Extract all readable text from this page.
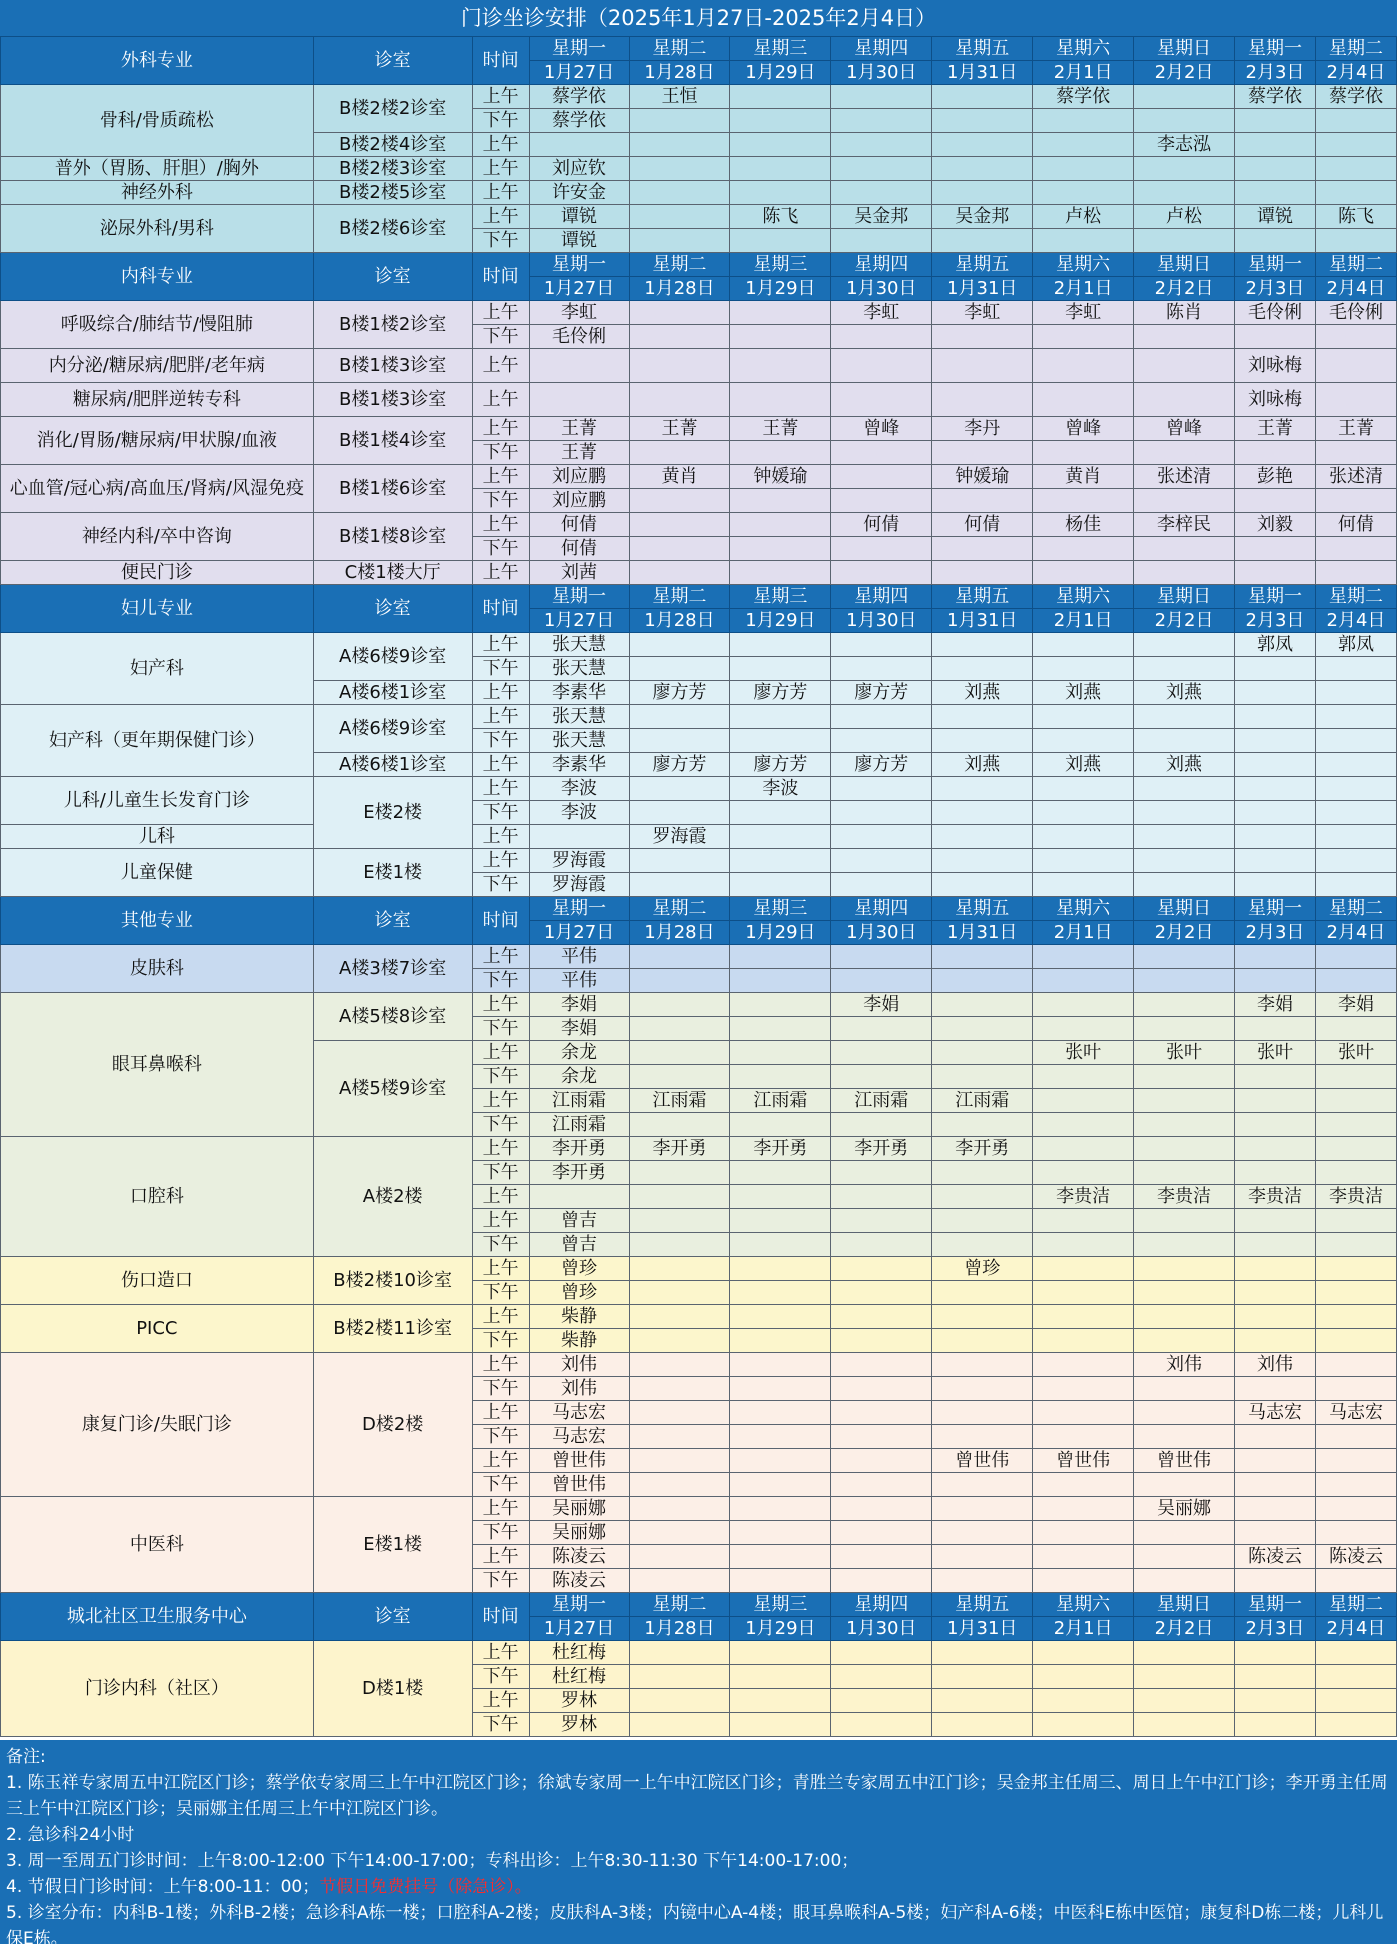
门诊坐诊安排（2025年1月27日-2025年2月4日）
外科专业	诊室	时间	星期一	星期二	星期三	星期四	星期五	星期六	星期日	星期一	星期二
			1月27日	1月28日	1月29日	1月30日	1月31日	2月1日	2月2日	2月3日	2月4日
骨科/骨质疏松	B楼2楼2诊室	上午	蔡学依	王恒				蔡学依		蔡学依	蔡学依
		下午	蔡学依								
	B楼2楼4诊室	上午							李志泓		
普外（胃肠、肝胆）/胸外	B楼2楼3诊室	上午	刘应钦								
神经外科	B楼2楼5诊室	上午	许安金								
泌尿外科/男科	B楼2楼6诊室	上午	谭锐		陈飞	吴金邦	吴金邦	卢松	卢松	谭锐	陈飞
		下午	谭锐								
内科专业	诊室	时间	星期一	星期二	星期三	星期四	星期五	星期六	星期日	星期一	星期二
			1月27日	1月28日	1月29日	1月30日	1月31日	2月1日	2月2日	2月3日	2月4日
呼吸综合/肺结节/慢阻肺	B楼1楼2诊室	上午	李虹			李虹	李虹	李虹	陈肖	毛伶俐	毛伶俐
		下午	毛伶俐								
内分泌/糖尿病/肥胖/老年病	B楼1楼3诊室	上午								刘咏梅	
糖尿病/肥胖逆转专科	B楼1楼3诊室	上午								刘咏梅	
消化/胃肠/糖尿病/甲状腺/血液	B楼1楼4诊室	上午	王菁	王菁	王菁	曾峰	李丹	曾峰	曾峰	王菁	王菁
		下午	王菁								
心血管/冠心病/高血压/肾病/风湿免疫	B楼1楼6诊室	上午	刘应鹏	黄肖	钟媛瑜		钟媛瑜	黄肖	张述清	彭艳	张述清
		下午	刘应鹏								
神经内科/卒中咨询	B楼1楼8诊室	上午	何倩			何倩	何倩	杨佳	李梓民	刘毅	何倩
		下午	何倩								
便民门诊	C楼1楼大厅	上午	刘茜								
妇儿专业	诊室	时间	星期一	星期二	星期三	星期四	星期五	星期六	星期日	星期一	星期二
			1月27日	1月28日	1月29日	1月30日	1月31日	2月1日	2月2日	2月3日	2月4日
妇产科	A楼6楼9诊室	上午	张天慧							郭凤	郭凤
		下午	张天慧								
	A楼6楼1诊室	上午	李素华	廖方芳	廖方芳	廖方芳	刘燕	刘燕	刘燕		
妇产科（更年期保健门诊）	A楼6楼9诊室	上午	张天慧								
		下午	张天慧								
	A楼6楼1诊室	上午	李素华	廖方芳	廖方芳	廖方芳	刘燕	刘燕	刘燕		
儿科/儿童生长发育门诊	E楼2楼	上午	李波		李波						
		下午	李波								
儿科		上午		罗海霞							
儿童保健	E楼1楼	上午	罗海霞								
		下午	罗海霞								
其他专业	诊室	时间	星期一	星期二	星期三	星期四	星期五	星期六	星期日	星期一	星期二
			1月27日	1月28日	1月29日	1月30日	1月31日	2月1日	2月2日	2月3日	2月4日
皮肤科	A楼3楼7诊室	上午	平伟								
		下午	平伟								
眼耳鼻喉科	A楼5楼8诊室	上午	李娟			李娟				李娟	李娟
		下午	李娟								
	A楼5楼9诊室	上午	余龙					张叶	张叶	张叶	张叶
		下午	余龙								
		上午	江雨霜	江雨霜	江雨霜	江雨霜	江雨霜				
		下午	江雨霜								
口腔科	A楼2楼	上午	李开勇	李开勇	李开勇	李开勇	李开勇				
		下午	李开勇								
		上午						李贵洁	李贵洁	李贵洁	李贵洁
		上午	曾吉								
		下午	曾吉								
伤口造口	B楼2楼10诊室	上午	曾珍				曾珍				
		下午	曾珍								
PICC	B楼2楼11诊室	上午	柴静								
		下午	柴静								
康复门诊/失眠门诊	D楼2楼	上午	刘伟						刘伟	刘伟	
		下午	刘伟								
		上午	马志宏							马志宏	马志宏
		下午	马志宏								
		上午	曾世伟				曾世伟	曾世伟	曾世伟		
		下午	曾世伟								
中医科	E楼1楼	上午	吴丽娜						吴丽娜		
		下午	吴丽娜								
		上午	陈凌云							陈凌云	陈凌云
		下午	陈凌云								
城北社区卫生服务中心	诊室	时间	星期一	星期二	星期三	星期四	星期五	星期六	星期日	星期一	星期二
			1月27日	1月28日	1月29日	1月30日	1月31日	2月1日	2月2日	2月3日	2月4日
门诊内科（社区）	D楼1楼	上午	杜红梅								
		下午	杜红梅								
		上午	罗林								
		下午	罗林								
备注:
1. 陈玉祥专家周五中江院区门诊；蔡学依专家周三上午中江院区门诊；徐斌专家周一上午中江院区门诊；青胜兰专家周五中江门诊；吴金邦主任周三、周日上午中江门诊；李开勇主任周三上午中江院区门诊；吴丽娜主任周三上午中江院区门诊。
2. 急诊科24小时
3. 周一至周五门诊时间：上午8:00-12:00 下午14:00-17:00；专科出诊：上午8:30-11:30 下午14:00-17:00；
4. 节假日门诊时间：上午8:00-11：00；节假日免费挂号（除急诊）。
5. 诊室分布：内科B-1楼；外科B-2楼；急诊科A栋一楼；口腔科A-2楼；皮肤科A-3楼；内镜中心A-4楼；眼耳鼻喉科A-5楼；妇产科A-6楼；中医科E栋中医馆；康复科D栋二楼；儿科儿保E栋。
